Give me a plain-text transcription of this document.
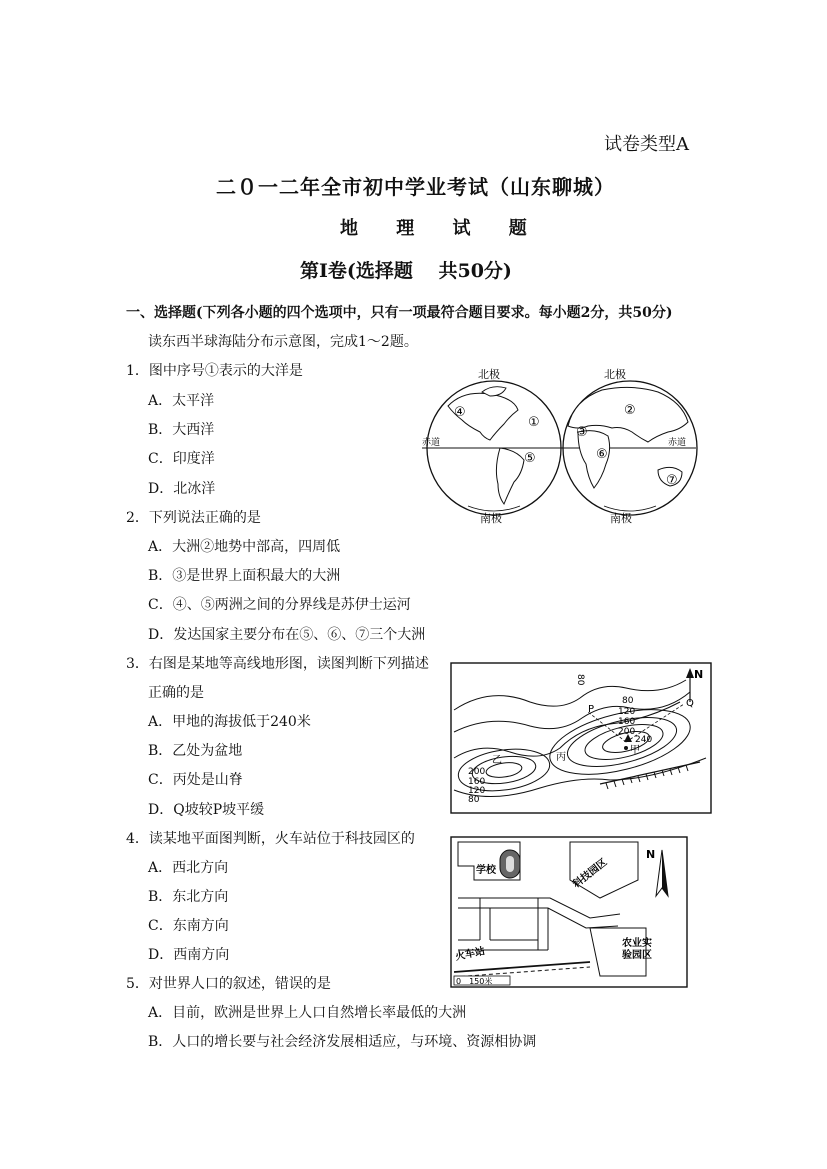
试卷类型A
二０一二年全市初中学业考试（山东聊城）
地 理 试 题
第Ⅰ卷(选择题　 共50分)
一、选择题(下列各小题的四个选项中，只有一项最符合题目要求。每小题2分，共50分)
读东西半球海陆分布示意图，完成1～2题。
1．图中序号①表示的大洋是
A．太平洋
B．大西洋
C．印度洋
D．北冰洋
2．下列说法正确的是
A．大洲②地势中部高，四周低
B．③是世界上面积最大的大洲
C．④、⑤两洲之间的分界线是苏伊士运河
D．发达国家主要分布在⑤、⑥、⑦三个大洲
3．右图是某地等高线地形图，读图判断下列描述
正确的是
A．甲地的海拔低于240米
B．乙处为盆地
C．丙处是山脊
D．Q坡较P坡平缓
4．读某地平面图判断，火车站位于科技园区的
A．西北方向
B．东北方向
C．东南方向
D．西南方向
5．对世界人口的叙述，错误的是
A．目前，欧洲是世界上人口自然增长率最低的大洲
B．人口的增长要与社会经济发展相适应，与环境、资源相协调
北极	北极
南极	南极
赤道	赤道
①
②
③
④
⑤	⑥
⑦
N
P
Q
甲
乙	丙
80
120
160
200
240
200
160
120
80
80
学校	科技园区
N
农业实
验园区
火车站
0　150米
